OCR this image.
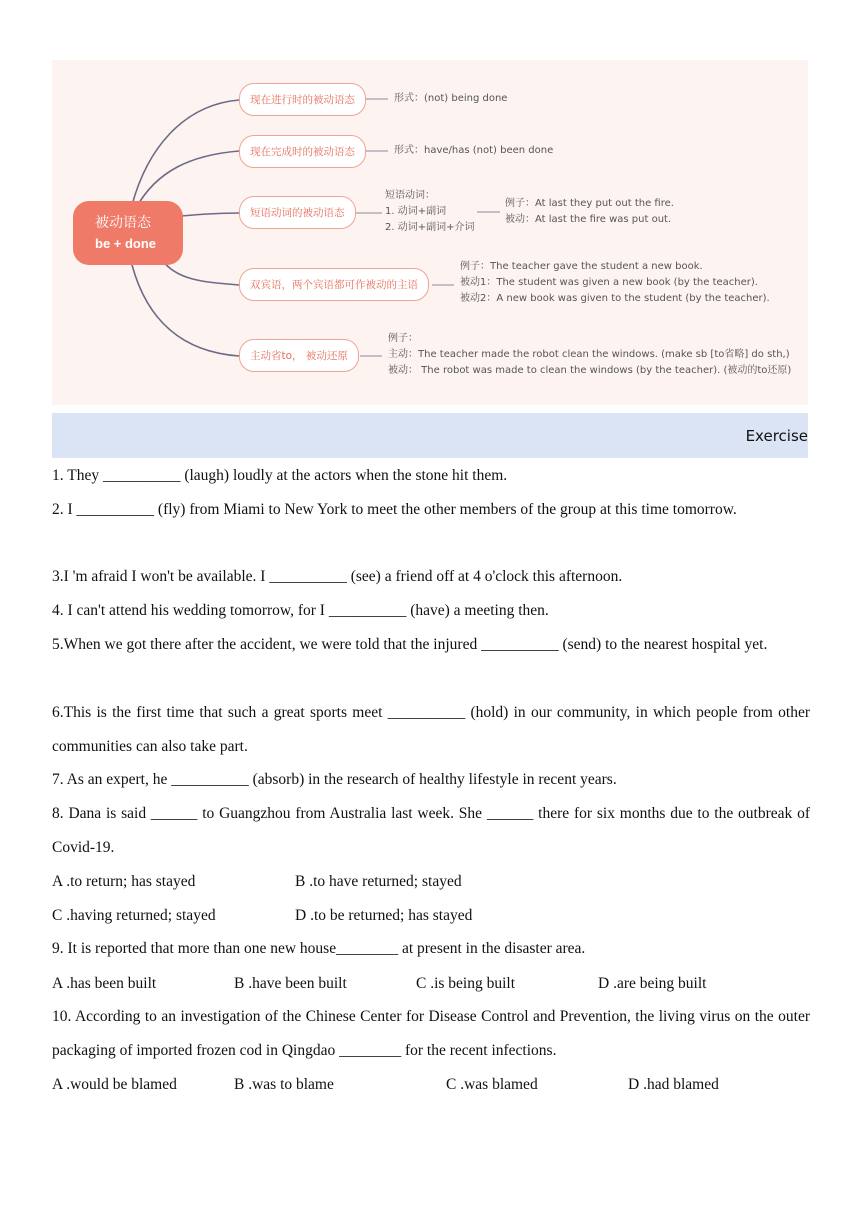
被动语态
be + done
现在进行时的被动语态	形式：(not) being done
现在完成时的被动语态	形式：have/has (not) been done
短语动词的被动语态
短语动词：
1. 动词+副词
2. 动词+副词+介词
例子：At last they put out the fire.
被动：At last the fire was put out.
双宾语，两个宾语都可作被动的主语
例子：The teacher gave the student a new book.
被动1：The student was given a new book (by the teacher).
被动2：A new book was given to the student (by the teacher).
主动省to， 被动还原
例子：
主动：The teacher made the robot clean the windows. (make sb [to省略] do sth,)
被动： The robot was made to clean the windows (by the teacher). (被动的to还原)
Exercise
1. They __________ (laugh) loudly at the actors when the stone hit them.
2. I __________ (fly) from Miami to New York to meet the other members of the group at this time tomorrow.
3.I 'm afraid I won't be available. I __________ (see) a friend off at 4 o'clock this afternoon.
4. I can't attend his wedding tomorrow, for I __________ (have) a meeting then.
5.When we got there after the accident, we were told that the injured __________ (send) to the nearest hospital yet.
6.This is the first time that such a great sports meet __________ (hold) in our community, in which people from other communities can also take part.
7. As an expert, he __________ (absorb) in the research of healthy lifestyle in recent years.
8. Dana is said ______ to Guangzhou from Australia last week. She ______ there for six months due to the outbreak of Covid-19.
A .to return; has stayed	B .to have returned; stayed
C .having returned; stayed	D .to be returned; has stayed
9. It is reported that more than one new house________ at present in the disaster area.
A .has been built	B .have been built	C .is being built	D .are being built
10. According to an investigation of the Chinese Center for Disease Control and Prevention, the living virus on the outer packaging of imported frozen cod in Qingdao ________ for the recent infections.
A .would be blamed	B .was to blame	C .was blamed	D .had blamed
